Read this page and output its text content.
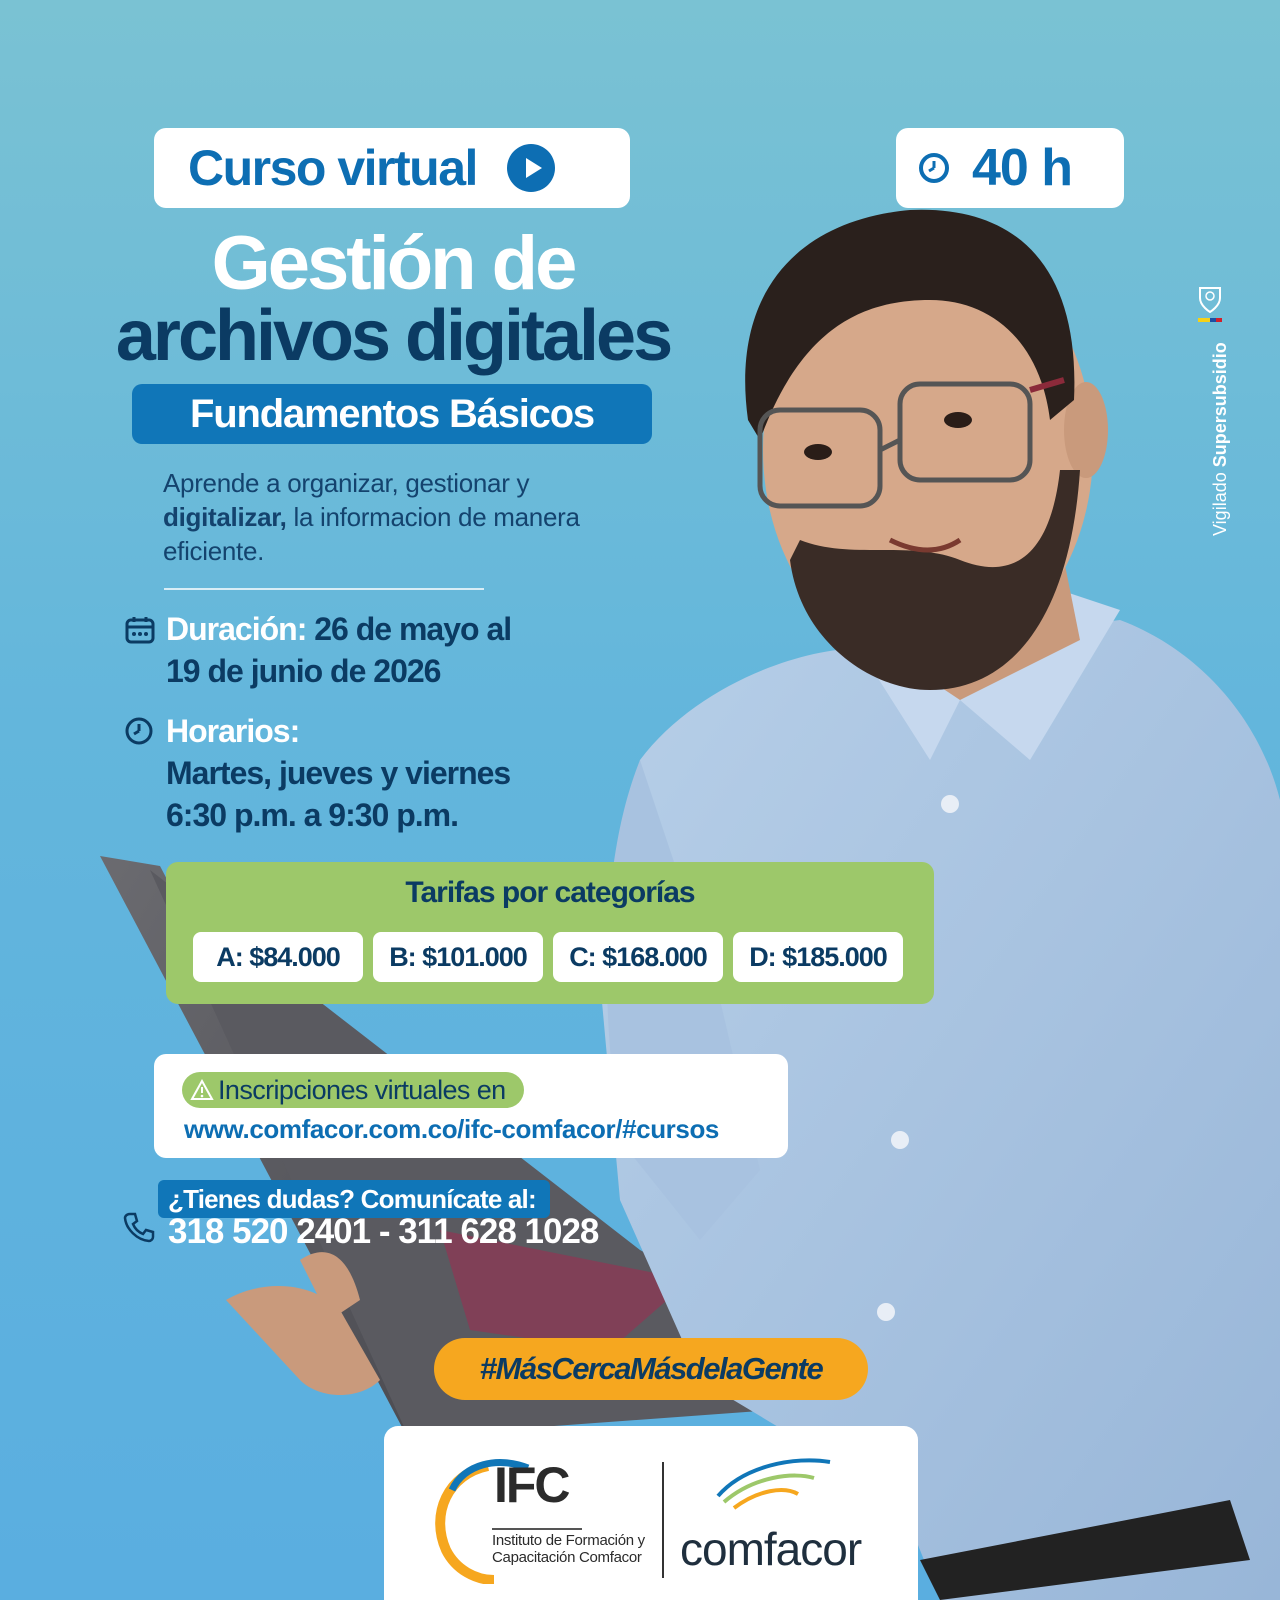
Curso virtual	40 h
Gestión de
archivos digitales
Fundamentos Básicos
Aprende a organizar, gestionar y
digitalizar, la informacion de manera eficiente.
Duración: 26 de mayo al
19 de junio de 2026
Horarios:
Martes, jueves y viernes
6:30 p.m. a 9:30 p.m.
Tarifas por categorías
A: $84.000	B: $101.000	C: $168.000	D: $185.000
Inscripciones virtuales en
www.comfacor.com.co/ifc-comfacor/#cursos
¿Tienes dudas? Comunícate al:
318 520 2401 - 311 628 1028
#MásCercaMásdelaGente
IFC
Instituto de Formación y Capacitación Comfacor comfacor
Vigilado Supersubsidio
